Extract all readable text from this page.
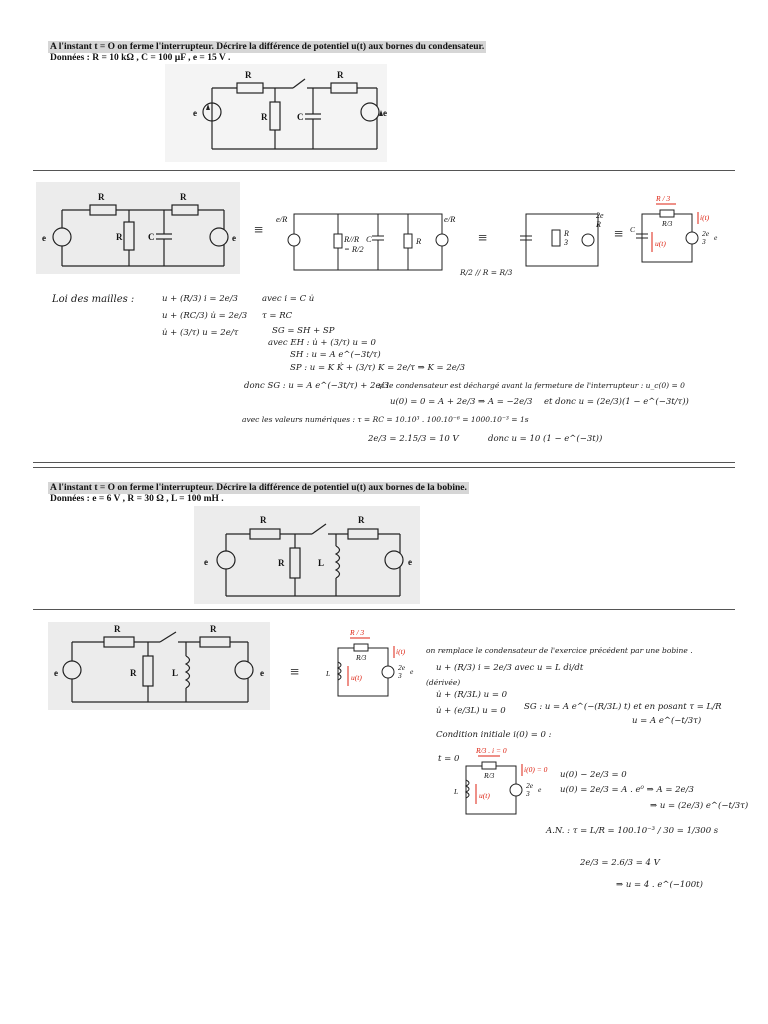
A l'instant t = O on ferme l'interrupteur. Décrire la différence de potentiel u(t) aux bornes du condensateur.
Données : R = 10 kΩ , C = 100 µF , e = 15 V .
R	R
R	C
e	e
R	R
R	C
e	e ≡
e/R	e/R
R//R
= R/2
C	R	≡	R
3
2e
R
≡
R / 3
u(t)
i(t)
R/3
C	2e
3 e
R/2 // R = R/3
Loi des mailles :	u + (R/3) i = 2e/3	avec i = C u̇
u + (RC/3) u̇ = 2e/3 τ = RC
u̇ + (3/τ) u = 2e/τ	SG = SH + SP
avec EH : u̇ + (3/τ) u = 0
SH : u = A e^(−3t/τ)
SP : u = K K̇ + (3/τ) K = 2e/τ ⇒ K = 2e/3
donc SG : u = A e^(−3t/τ) + 2e/3
si le condensateur est déchargé avant la fermeture de l'interrupteur : u_c(0) = 0
u(0) = 0 = A + 2e/3 ⇒ A = −2e/3 et donc u = (2e/3)(1 − e^(−3t/τ))
avec les valeurs numériques : τ = RC = 10.10³ . 100.10⁻⁶ = 1000.10⁻³ = 1s
2e/3 = 2.15/3 = 10 V	donc u = 10 (1 − e^(−3t))
A l'instant t = O on ferme l'interrupteur. Décrire la différence de potentiel u(t) aux bornes de la bobine.
Données : e = 6 V , R = 30 Ω , L = 100 mH .
R	R
R	L
e	e
R	R
R	L
e	e ≡
R / 3
u(t)
i(t)
R/3
L
2e
3 e
on remplace le condensateur de l'exercice précédent par une bobine .
u + (R/3) i = 2e/3 avec u = L di/dt
(dérivée)
u̇ + (R/3L) u = 0
u̇ + (e/3L) u = 0 SG : u = A e^(−(R/3L) t) et en posant τ = L/R
u = A e^(−t/3τ)
Condition initiale i(0) = 0 :
t = 0
R/3 . i = 0
u(t)
i(0) = 0
R/3
L
2e
3 e
u(0) − 2e/3 = 0
u(0) = 2e/3 = A . e⁰ ⇒ A = 2e/3
⇒ u = (2e/3) e^(−t/3τ)
A.N. : τ = L/R = 100.10⁻³ / 30 = 1/300 s
2e/3 = 2.6/3 = 4 V
⇒ u = 4 . e^(−100t)
